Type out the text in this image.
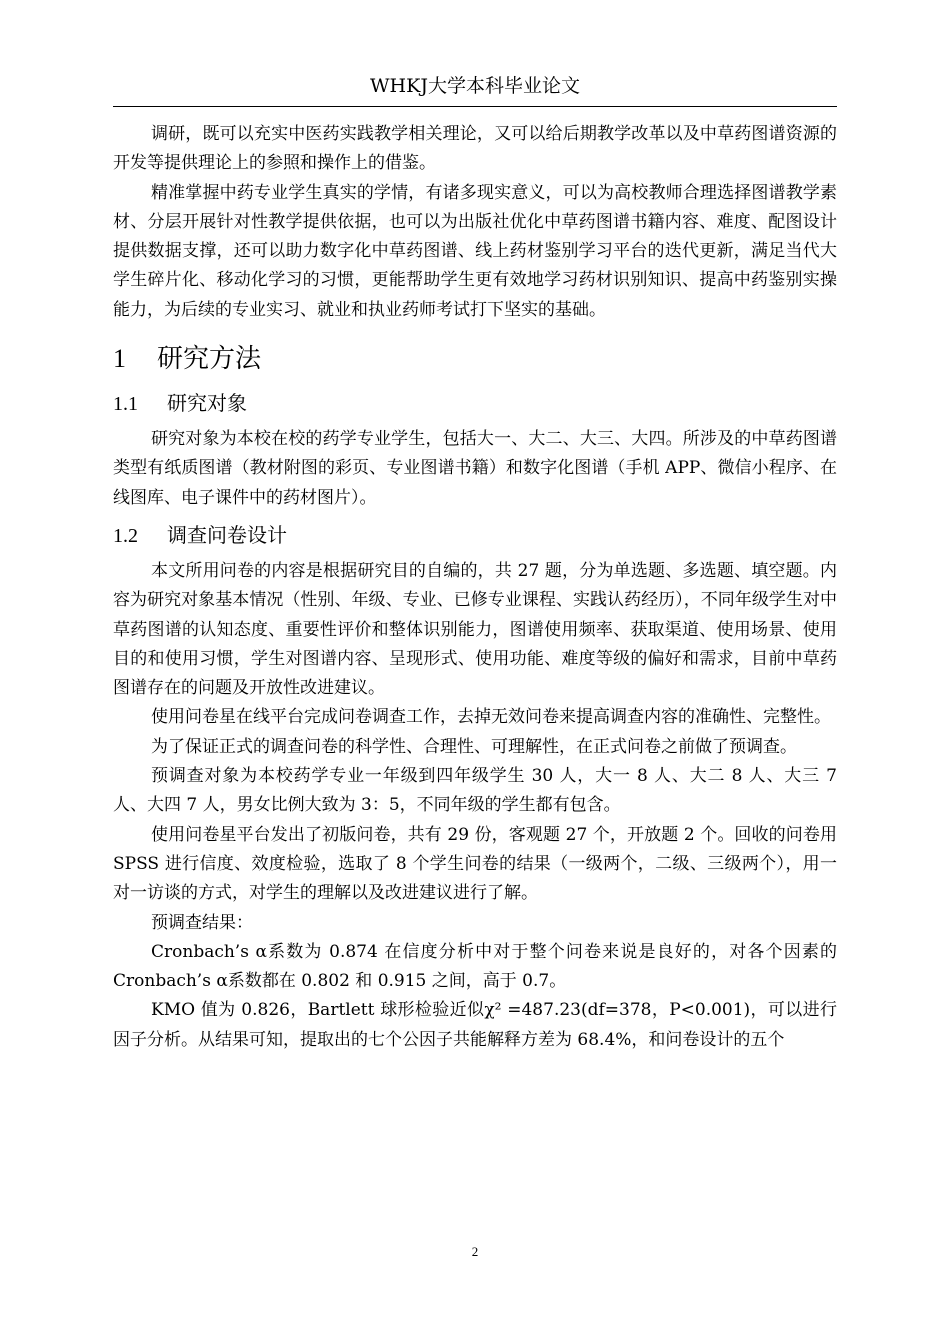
WHKJ大学本科毕业论文

调研，既可以充实中医药实践教学相关理论，又可以给后期教学改革以及中草药图谱资源的开发等提供理论上的参照和操作上的借鉴。

精准掌握中药专业学生真实的学情，有诸多现实意义，可以为高校教师合理选择图谱教学素材、分层开展针对性教学提供依据，也可以为出版社优化中草药图谱书籍内容、难度、配图设计提供数据支撑，还可以助力数字化中草药图谱、线上药材鉴别学习平台的迭代更新，满足当代大学生碎片化、移动化学习的习惯，更能帮助学生更有效地学习药材识别知识、提高中药鉴别实操能力，为后续的专业实习、就业和执业药师考试打下坚实的基础。

1 研究方法
1.1 研究对象

研究对象为本校在校的药学专业学生，包括大一、大二、大三、大四。所涉及的中草药图谱类型有纸质图谱（教材附图的彩页、专业图谱书籍）和数字化图谱（手机 APP、微信小程序、在线图库、电子课件中的药材图片）。

1.2 调查问卷设计

本文所用问卷的内容是根据研究目的自编的，共 27 题，分为单选题、多选题、填空题。内容为研究对象基本情况（性别、年级、专业、已修专业课程、实践认药经历），不同年级学生对中草药图谱的认知态度、重要性评价和整体识别能力，图谱使用频率、获取渠道、使用场景、使用目的和使用习惯，学生对图谱内容、呈现形式、使用功能、难度等级的偏好和需求，目前中草药图谱存在的问题及开放性改进建议。

使用问卷星在线平台完成问卷调查工作，去掉无效问卷来提高调查内容的准确性、完整性。

为了保证正式的调查问卷的科学性、合理性、可理解性，在正式问卷之前做了预调查。

预调查对象为本校药学专业一年级到四年级学生 30 人，大一 8 人、大二 8 人、大三 7 人、大四 7 人，男女比例大致为 3：5，不同年级的学生都有包含。

使用问卷星平台发出了初版问卷，共有 29 份，客观题 27 个，开放题 2 个。回收的问卷用 SPSS 进行信度、效度检验，选取了 8 个学生问卷的结果（一级两个，二级、三级两个），用一对一访谈的方式，对学生的理解以及改进建议进行了解。

预调查结果：

Cronbach’s α系数为 0.874 在信度分析中对于整个问卷来说是良好的，对各个因素的 Cronbach’s α系数都在 0.802 和 0.915 之间，高于 0.7。

KMO 值为 0.826，Bartlett 球形检验近似χ² =487.23(df=378，P<0.001)，可以进行因子分析。从结果可知，提取出的七个公因子共能解释方差为 68.4%，和问卷设计的五个

2
